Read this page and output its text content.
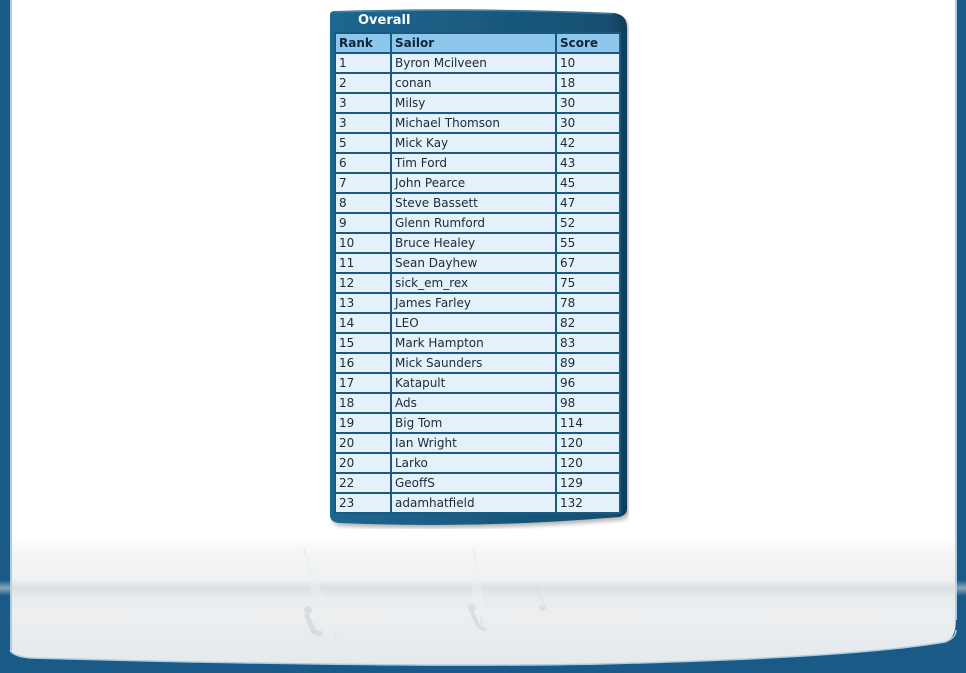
Overall
Rank	Sailor	Score
1	Byron Mcilveen	10
2	conan	18
3	Milsy	30
3	Michael Thomson	30
5	Mick Kay	42
6	Tim Ford	43
7	John Pearce	45
8	Steve Bassett	47
9	Glenn Rumford	52
10	Bruce Healey	55
11	Sean Dayhew	67
12	sick_em_rex	75
13	James Farley	78
14	LEO	82
15	Mark Hampton	83
16	Mick Saunders	89
17	Katapult	96
18	Ads	98
19	Big Tom	114
20	Ian Wright	120
20	Larko	120
22	GeoffS	129
23	adamhatfield	132
